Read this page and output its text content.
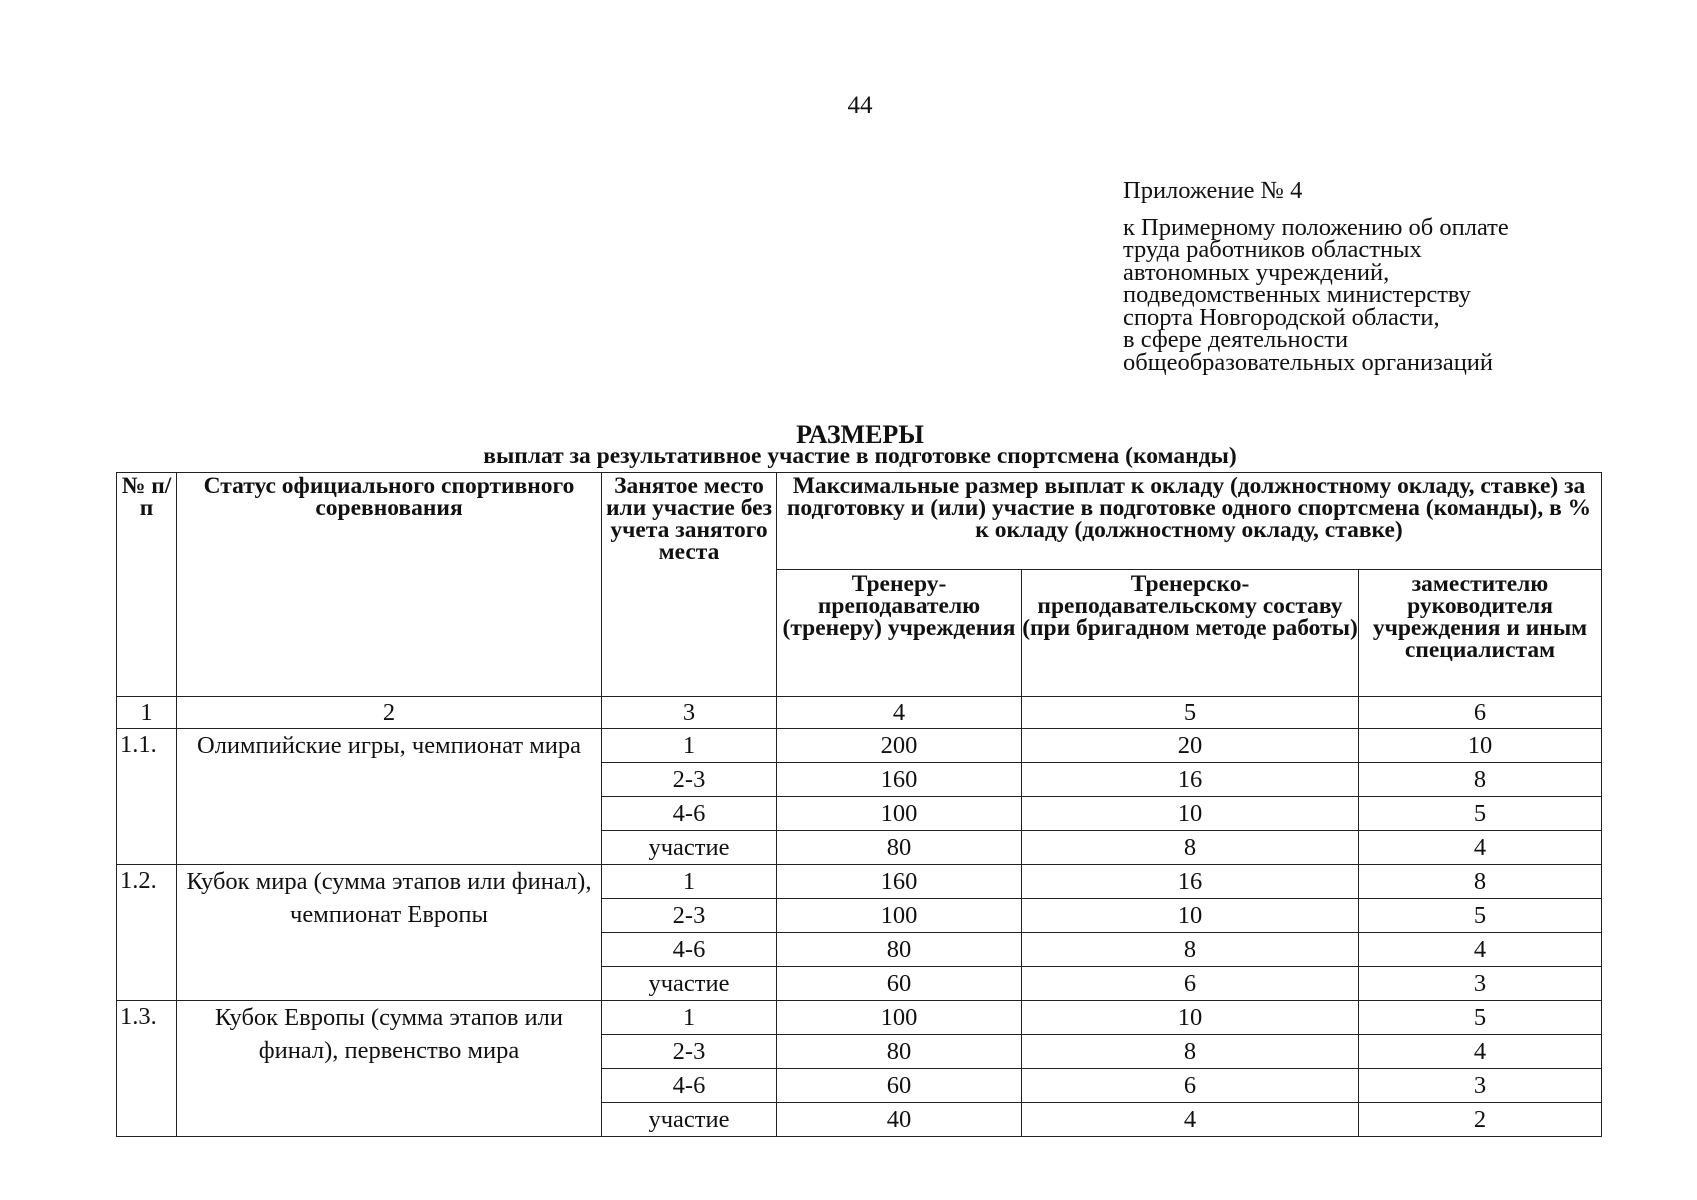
44
Приложение № 4
к Примерному положению об оплате
труда работников областных
автономных учреждений,
подведомственных министерству
спорта Новгородской области,
в сфере деятельности
общеобразовательных организаций
РАЗМЕРЫ
выплат за результативное участие в подготовке спортсмена (команды)
№ п/п	Статус официального спортивного соревнования	Занятое место или участие без учета занятого места	Максимальные размер выплат к окладу (должностному окладу, ставке) за подготовку и (или) участие в подготовке одного спортсмена (команды), в % к окладу (должностному окладу, ставке)		
			Тренеру-преподавателю (тренеру) учреждения	Тренерско-преподавательскому составу (при бригадном методе работы)	заместителю руководителя учреждения и иным специалистам
1	2	3	4	5	6
1.1.	Олимпийские игры, чемпионат мира	1	200	20	10
		2-3	160	16	8
		4-6	100	10	5
		участие	80	8	4
1.2.	Кубок мира (сумма этапов или финал), чемпионат Европы	1	160	16	8
		2-3	100	10	5
		4-6	80	8	4
		участие	60	6	3
1.3.	Кубок Европы (сумма этапов или финал), первенство мира	1	100	10	5
		2-3	80	8	4
		4-6	60	6	3
		участие	40	4	2
